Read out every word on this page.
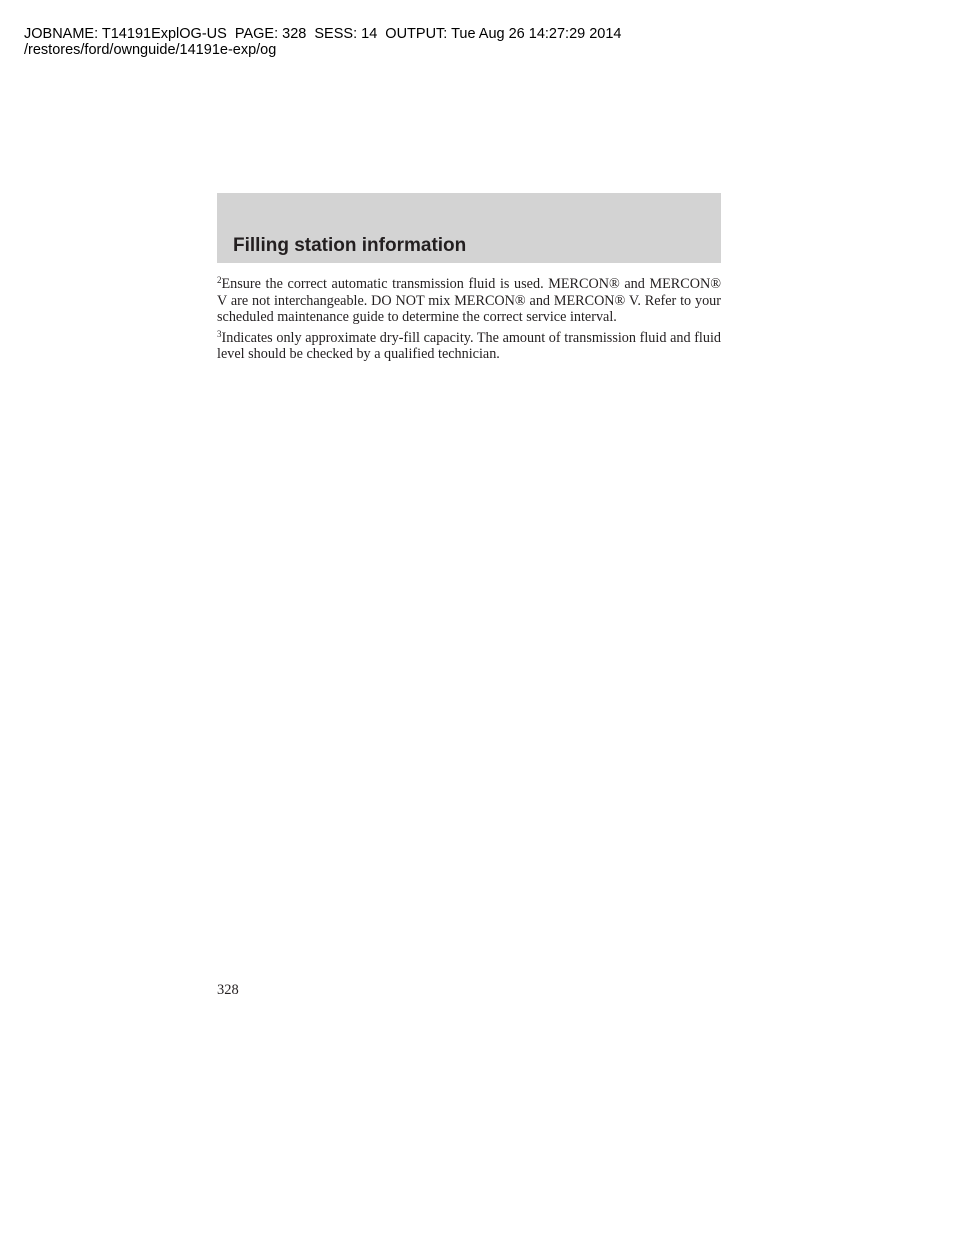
JOBNAME: T14191ExplOG-US  PAGE: 328  SESS: 14  OUTPUT: Tue Aug 26 14:27:29 2014
/restores/ford/ownguide/14191e-exp/og
Filling station information

$^2$Ensure the correct automatic transmission fluid is used. MERCON® and MERCON® V are not interchangeable. DO NOT mix MERCON® and MERCON® V. Refer to your scheduled maintenance guide to determine the correct service interval.

$^3$Indicates only approximate dry-fill capacity. The amount of transmission fluid and fluid level should be checked by a qualified technician.

328
